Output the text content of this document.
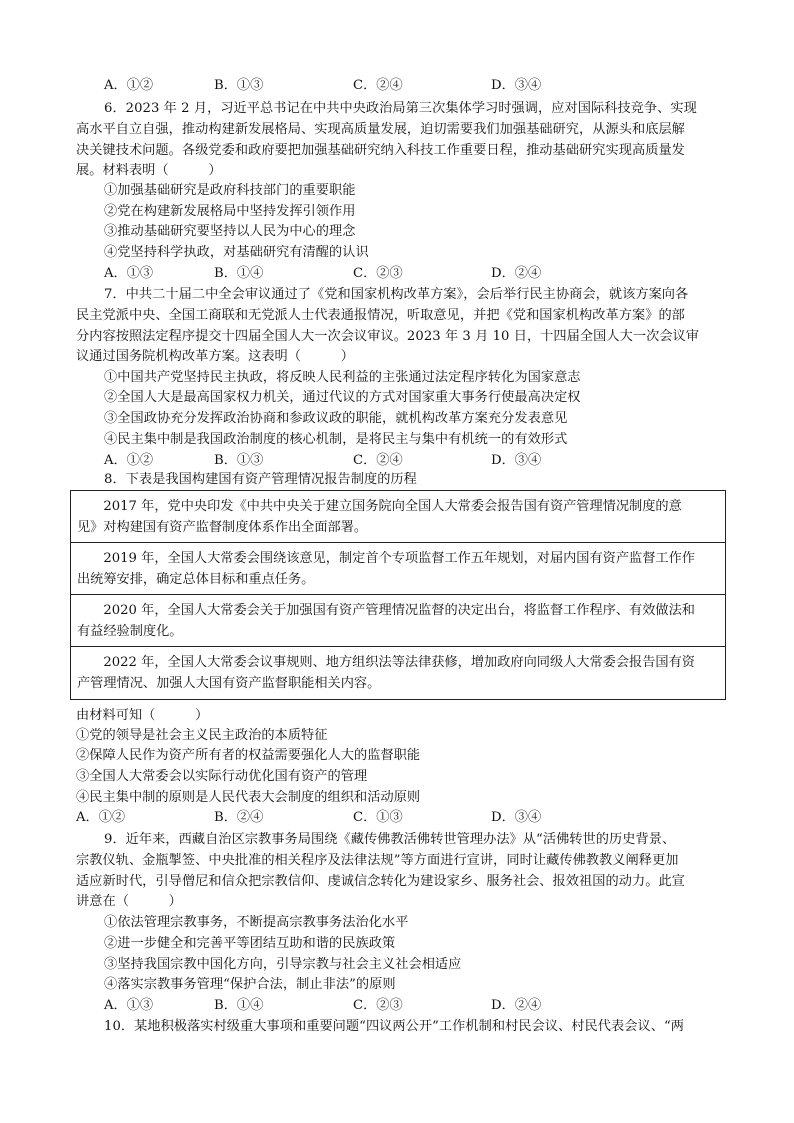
A．①②	B．①③	C．②④	D．③④
6．2023 年 2 月，习近平总书记在中共中央政治局第三次集体学习时强调，应对国际科技竞争、实现
高水平自立自强，推动构建新发展格局、实现高质量发展，迫切需要我们加强基础研究，从源头和底层解
决关键技术问题。各级党委和政府要把加强基础研究纳入科技工作重要日程，推动基础研究实现高质量发
展。材料表明（　　　）
①加强基础研究是政府科技部门的重要职能
②党在构建新发展格局中坚持发挥引领作用
③推动基础研究要坚持以人民为中心的理念
④党坚持科学执政，对基础研究有清醒的认识
A．①③	B．①④	C．②③	D．②④
7．中共二十届二中全会审议通过了《党和国家机构改革方案》，会后举行民主协商会，就该方案向各
民主党派中央、全国工商联和无党派人士代表通报情况，听取意见，并把《党和国家机构改革方案》的部
分内容按照法定程序提交十四届全国人大一次会议审议。2023 年 3 月 10 日，十四届全国人大一次会议审
议通过国务院机构改革方案。这表明（　　　）
①中国共产党坚持民主执政，将反映人民利益的主张通过法定程序转化为国家意志
②全国人大是最高国家权力机关，通过代议的方式对国家重大事务行使最高决定权
③全国政协充分发挥政治协商和参政议政的职能，就机构改革方案充分发表意见
④民主集中制是我国政治制度的核心机制，是将民主与集中有机统一的有效形式
A．①②	B．①③	C．②④	D．③④
8．下表是我国构建国有资产管理情况报告制度的历程
　　2017 年，党中央印发《中共中央关于建立国务院向全国人大常委会报告国有资产管理情况制度的意
见》对构建国有资产监督制度体系作出全面部署。
　　2019 年，全国人大常委会围绕该意见，制定首个专项监督工作五年规划，对届内国有资产监督工作作
出统筹安排，确定总体目标和重点任务。
　　2020 年，全国人大常委会关于加强国有资产管理情况监督的决定出台，将监督工作程序、有效做法和
有益经验制度化。
　　2022 年，全国人大常委会议事规则、地方组织法等法律获修，增加政府向同级人大常委会报告国有资
产管理情况、加强人大国有资产监督职能相关内容。
由材料可知（　　　）
①党的领导是社会主义民主政治的本质特征
②保障人民作为资产所有者的权益需要强化人大的监督职能
③全国人大常委会以实际行动优化国有资产的管理
④民主集中制的原则是人民代表大会制度的组织和活动原则
A．①②	B．②④	C．①③	D．③④
9．近年来，西藏自治区宗教事务局围绕《藏传佛教活佛转世管理办法》从“活佛转世的历史背景、
宗教仪轨、金瓶掣签、中央批准的相关程序及法律法规”等方面进行宣讲，同时让藏传佛教教义阐释更加
适应新时代，引导僧尼和信众把宗教信仰、虔诚信念转化为建设家乡、服务社会、报效祖国的动力。此宣
讲意在（　　　）
①依法管理宗教事务，不断提高宗教事务法治化水平
②进一步健全和完善平等团结互助和谐的民族政策
③坚持我国宗教中国化方向，引导宗教与社会主义社会相适应
④落实宗教事务管理“保护合法，制止非法”的原则
A．①③	B．①④	C．②③	D．②④
10．某地积极落实村级重大事项和重要问题“四议两公开”工作机制和村民会议、村民代表会议、“两
